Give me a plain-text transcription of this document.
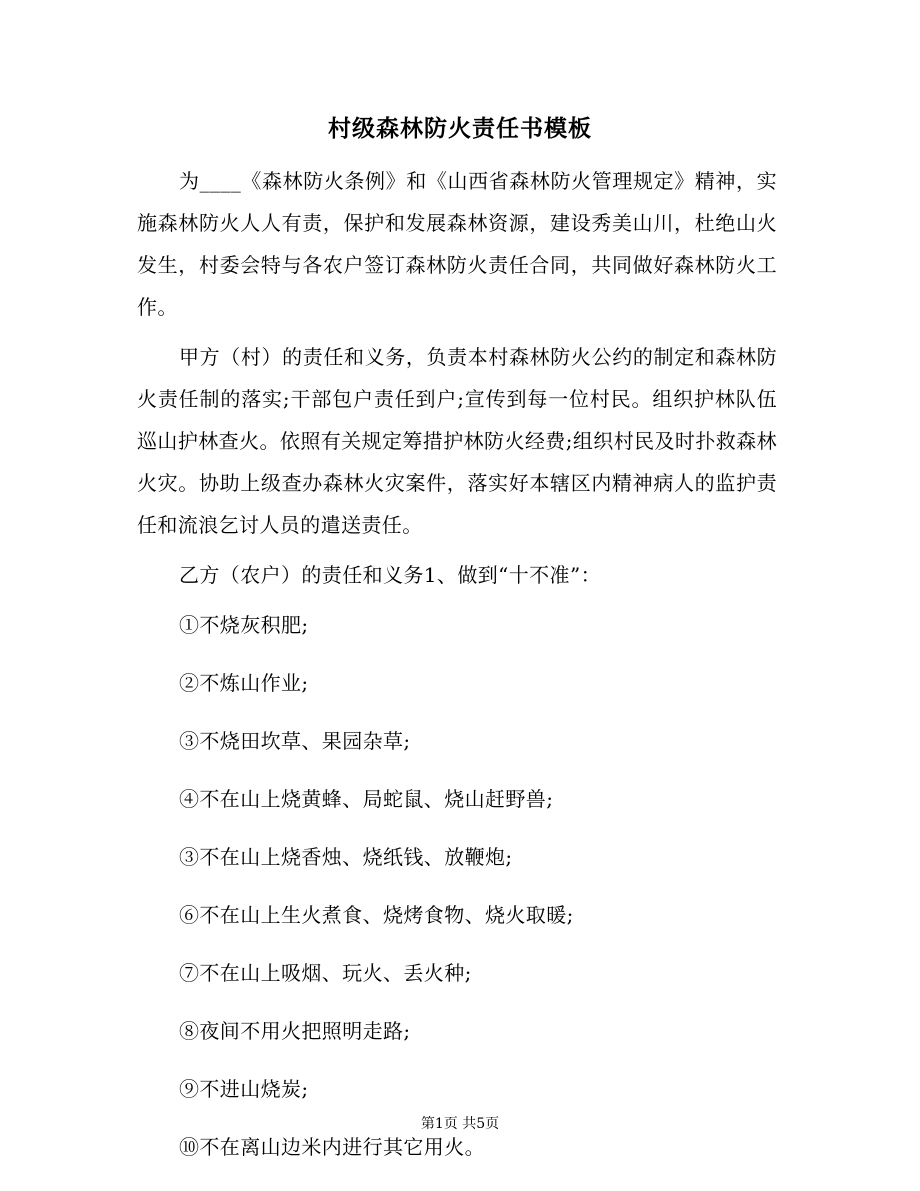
村级森林防火责任书模板

为____《森林防火条例》和《山西省森林防火管理规定》精神，实施森林防火人人有责，保护和发展森林资源，建设秀美山川，杜绝山火发生，村委会特与各农户签订森林防火责任合同，共同做好森林防火工作。

甲方（村）的责任和义务，负责本村森林防火公约的制定和森林防火责任制的落实;干部包户责任到户;宣传到每一位村民。组织护林队伍巡山护林查火。依照有关规定筹措护林防火经费;组织村民及时扑救森林火灾。协助上级查办森林火灾案件，落实好本辖区内精神病人的监护责任和流浪乞讨人员的遣送责任。

乙方（农户）的责任和义务1、做到“十不准”：

①不烧灰积肥;
②不炼山作业;
③不烧田坎草、果园杂草;
④不在山上烧黄蜂、局蛇鼠、烧山赶野兽;
③不在山上烧香烛、烧纸钱、放鞭炮;
⑥不在山上生火煮食、烧烤食物、烧火取暖;
⑦不在山上吸烟、玩火、丢火种;
⑧夜间不用火把照明走路;
⑨不进山烧炭;
⑩不在离山边米内进行其它用火。
第1页 共5页
